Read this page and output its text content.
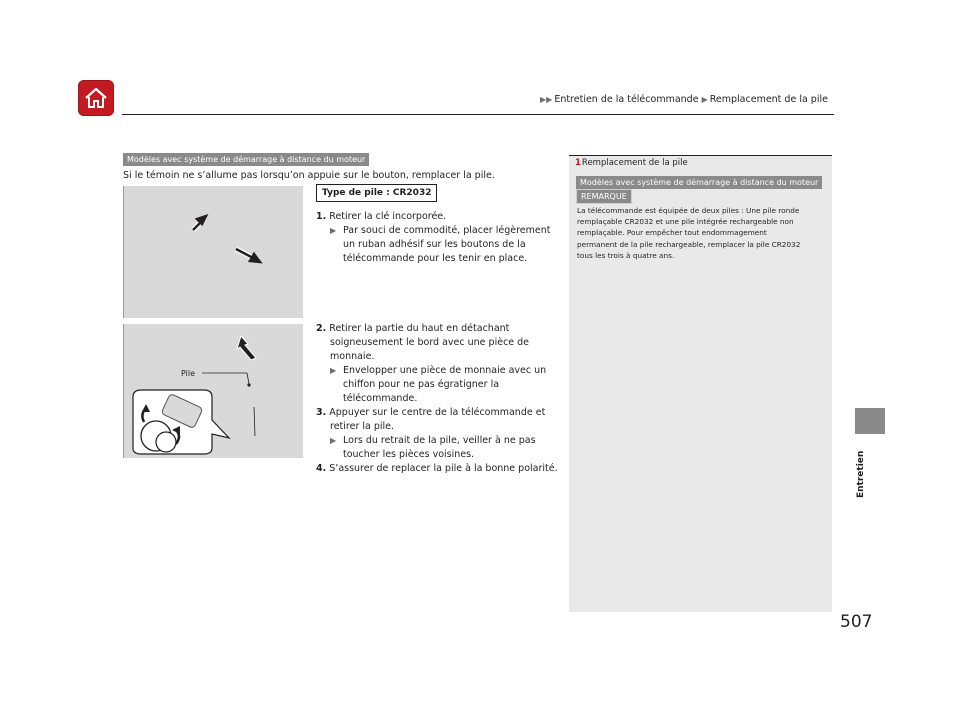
▶▶ Entretien de la télécommande ▶ Remplacement de la pile
Entretien
Modèles avec système de démarrage à distance du moteur
Si le témoin ne s’allume pas lorsqu’on appuie sur le bouton, remplacer la pile.
Type de pile : CR2032
Pile
1. Retirer la clé incorporée.
▶ Par souci de commodité, placer légèrement
un ruban adhésif sur les boutons de la
télécommande pour les tenir en place.
2. Retirer la partie du haut en détachant
soigneusement le bord avec une pièce de
monnaie.
▶ Envelopper une pièce de monnaie avec un
chiffon pour ne pas égratigner la
télécommande.
3. Appuyer sur le centre de la télécommande et
retirer la pile.
▶ Lors du retrait de la pile, veiller à ne pas
toucher les pièces voisines.
4. S’assurer de replacer la pile à la bonne polarité.
1Remplacement de la pile
Modèles avec système de démarrage à distance du moteur
REMARQUE
La télécommande est équipée de deux piles : Une pile ronde
remplaçable CR2032 et une pile intégrée rechargeable non
remplaçable. Pour empêcher tout endommagement
permanent de la pile rechargeable, remplacer la pile CR2032
tous les trois à quatre ans.
507
